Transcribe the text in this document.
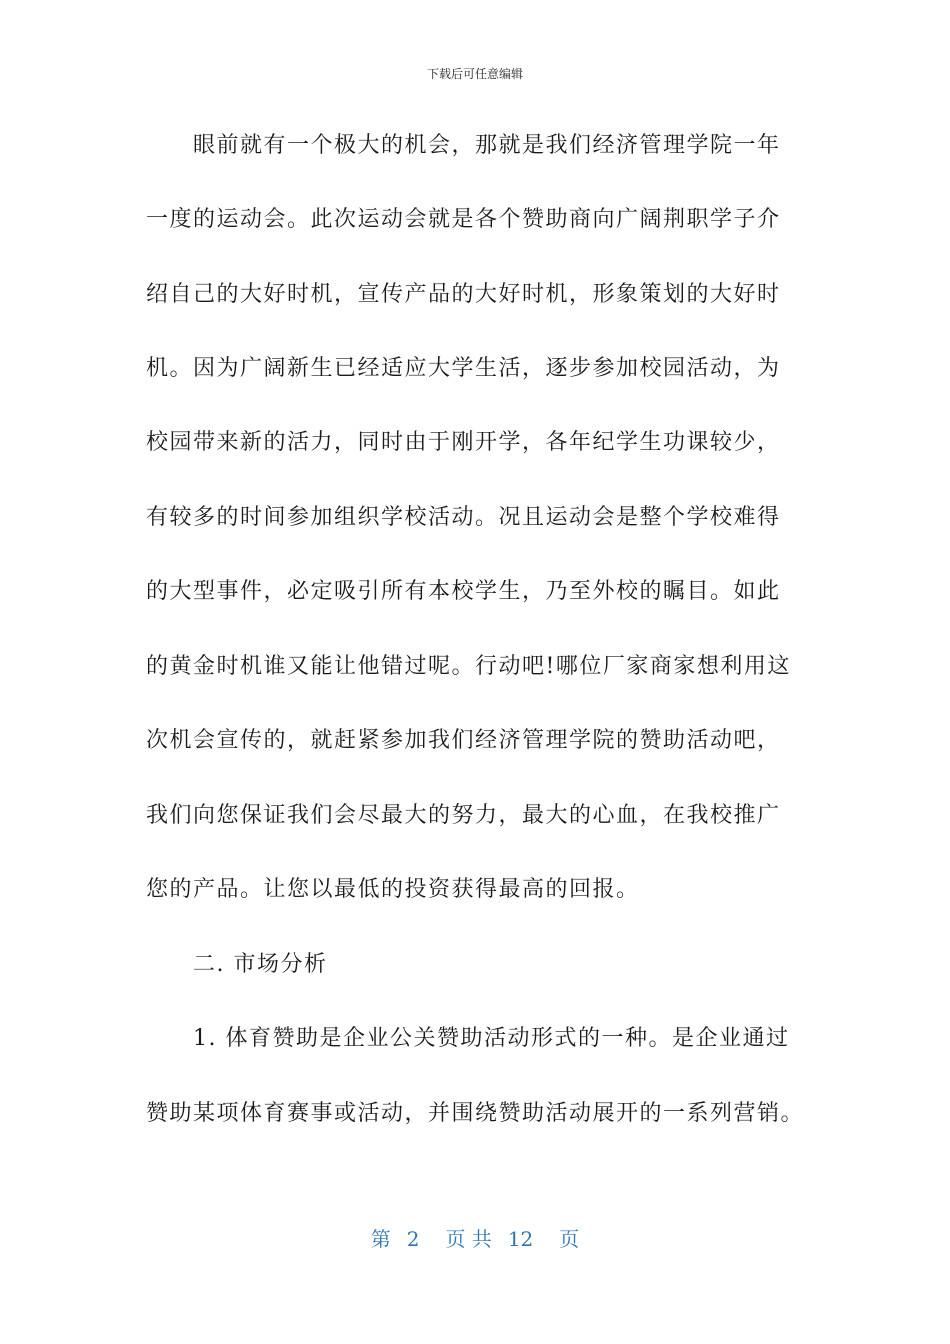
下载后可任意编辑
眼前就有一个极大的机会，那就是我们经济管理学院一年
一度的运动会。此次运动会就是各个赞助商向广阔荆职学子介
绍自己的大好时机，宣传产品的大好时机，形象策划的大好时
机。因为广阔新生已经适应大学生活，逐步参加校园活动，为
校园带来新的活力，同时由于刚开学，各年纪学生功课较少，
有较多的时间参加组织学校活动。况且运动会是整个学校难得
的大型事件，必定吸引所有本校学生，乃至外校的瞩目。如此
的黄金时机谁又能让他错过呢。行动吧!哪位厂家商家想利用这
次机会宣传的，就赶紧参加我们经济管理学院的赞助活动吧，
我们向您保证我们会尽最大的努力，最大的心血，在我校推广
您的产品。让您以最低的投资获得最高的回报。
二. 市场分析
1. 体育赞助是企业公关赞助活动形式的一种。是企业通过
赞助某项体育赛事或活动，并围绕赞助活动展开的一系列营销。
第 2 页 共 12 页
